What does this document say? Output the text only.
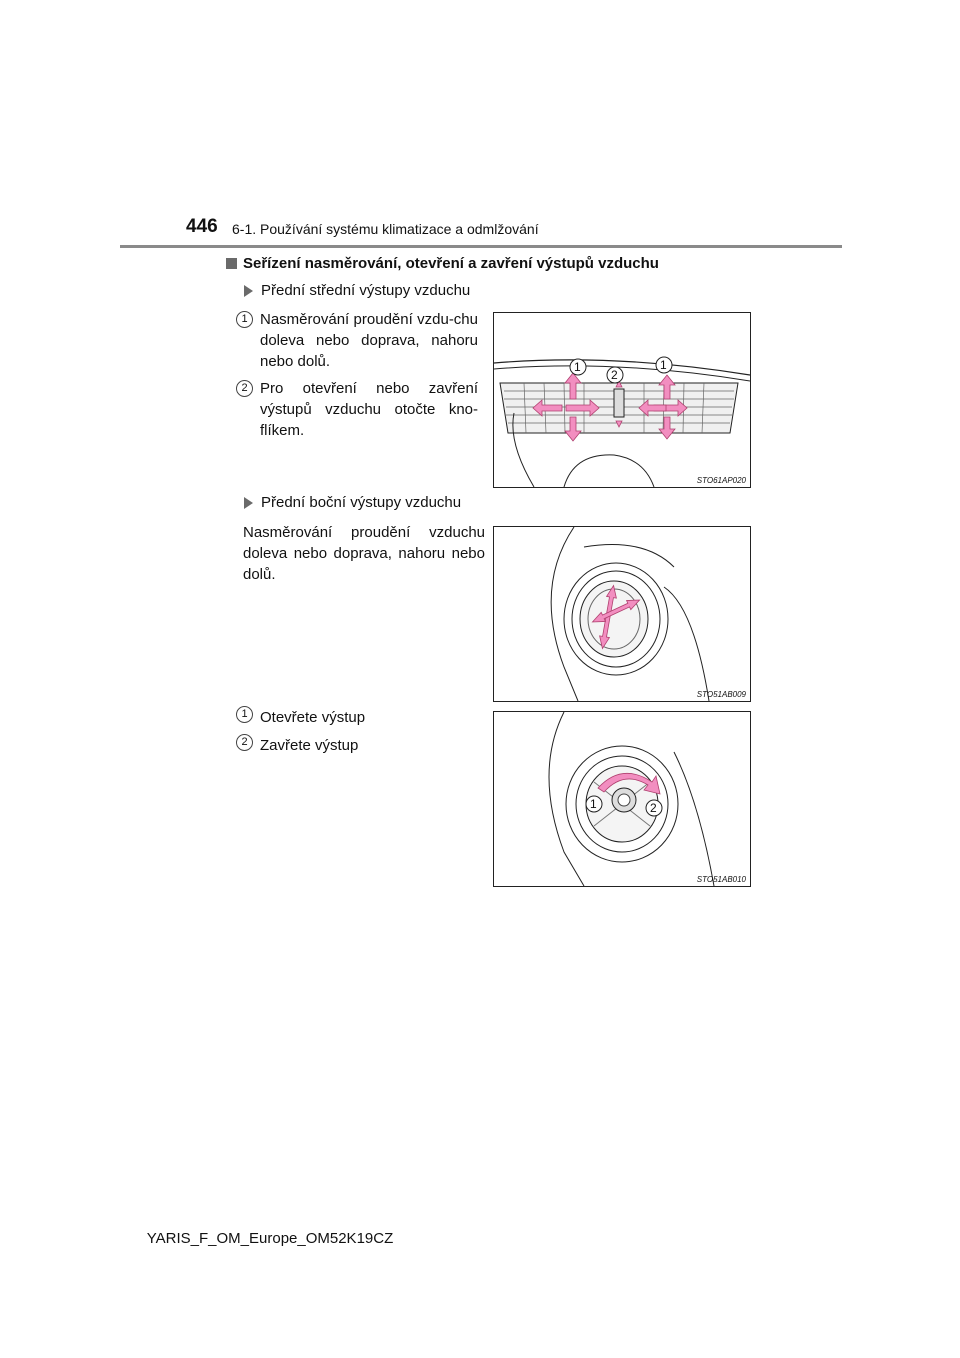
446 6-1. Používání systému klimatizace a odmlžování
Seřízení nasměrování, otevření a zavření výstupů vzduchu
Přední střední výstupy vzduchu
1 Nasměrování proudění vzdu-chu doleva nebo doprava, nahoru nebo dolů.
2 Pro otevření nebo zavření výstupů vzduchu otočte kno-flíkem.
1
2
1
STO61AP020
Přední boční výstupy vzduchu
Nasměrování proudění vzduchu doleva nebo doprava, nahoru nebo dolů.
STO51AB009
1 Otevřete výstup
2 Zavřete výstup
1	2
STO51AB010
YARIS_F_OM_Europe_OM52K19CZ
